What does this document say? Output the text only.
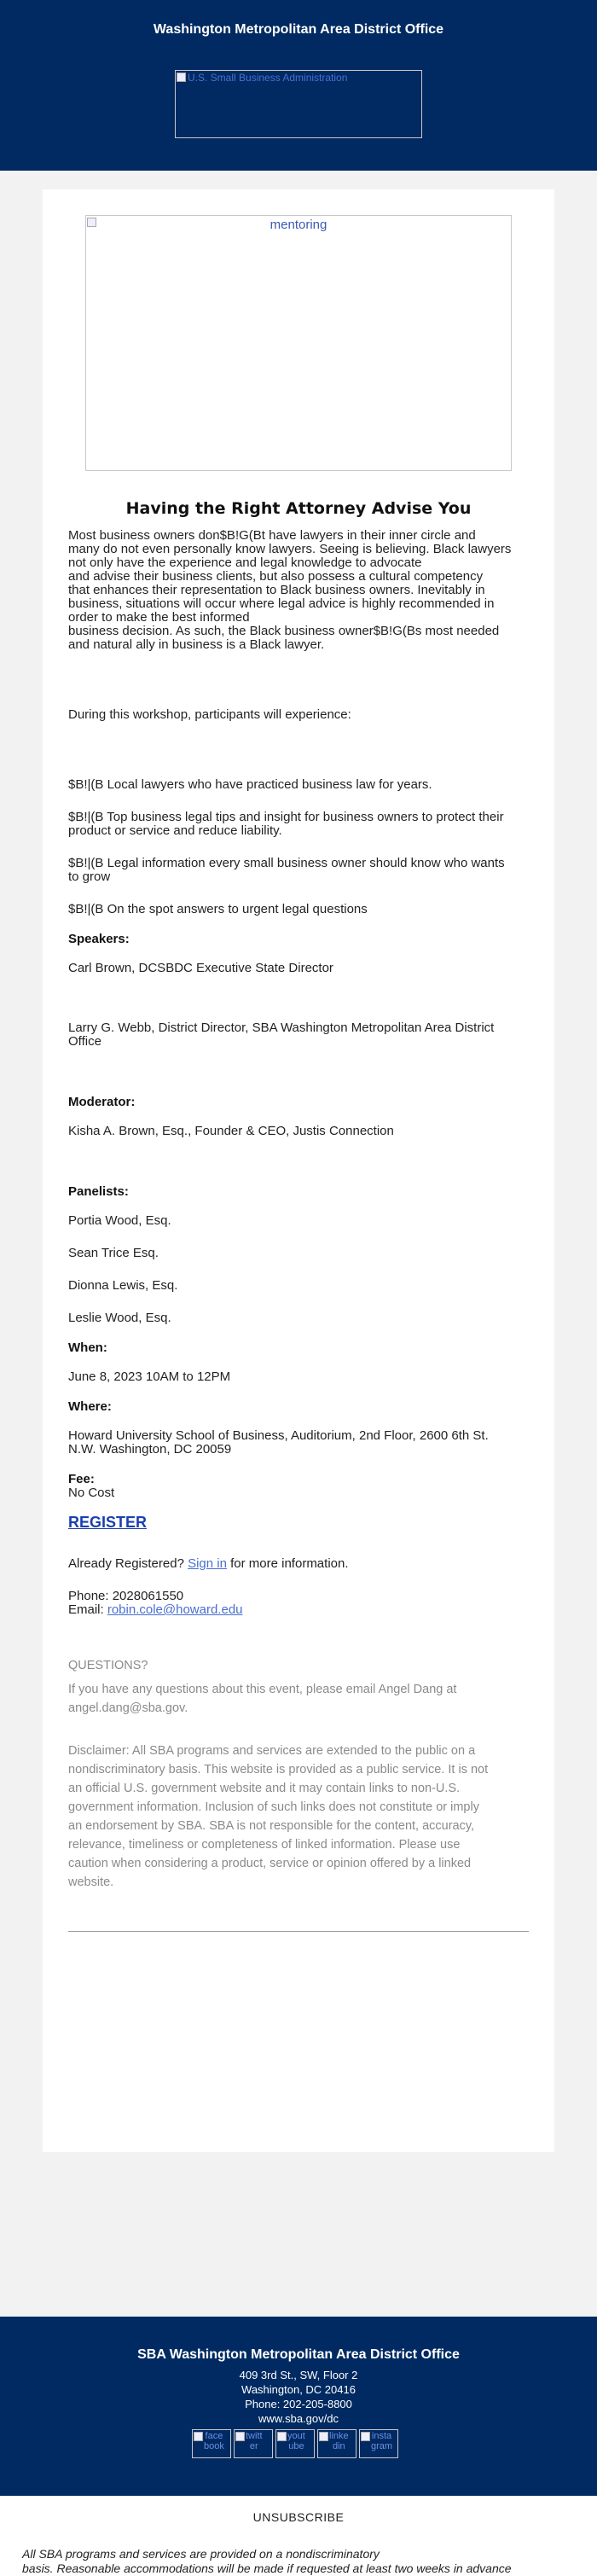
Washington Metropolitan Area District Office
U.S. Small Business Administration
mentoring
Having the Right Attorney Advise You
Most business owners don$B!G(Bt have lawyers in their inner circle and
many do not even personally know lawyers. Seeing is believing. Black lawyers
not only have the experience and legal knowledge to advocate
and advise their business clients, but also possess a cultural competency
that enhances their representation to Black business owners. Inevitably in
business, situations will occur where legal advice is highly recommended in
order to make the best informed
business decision. As such, the Black business owner$B!G(Bs most needed
and natural ally in business is a Black lawyer.
During this workshop, participants will experience:
$B!|(B Local lawyers who have practiced business law for years.
$B!|(B Top business legal tips and insight for business owners to protect their
product or service and reduce liability.
$B!|(B Legal information every small business owner should know who wants
to grow
$B!|(B On the spot answers to urgent legal questions
Speakers:
Carl Brown, DCSBDC Executive State Director
Larry G. Webb, District Director, SBA Washington Metropolitan Area District
Office
Moderator:
Kisha A. Brown, Esq., Founder & CEO, Justis Connection
Panelists:
Portia Wood, Esq.
Sean Trice Esq.
Dionna Lewis, Esq.
Leslie Wood, Esq.
When:
June 8, 2023 10AM to 12PM
Where:
Howard University School of Business, Auditorium, 2nd Floor, 2600 6th St.
N.W. Washington, DC 20059
Fee:
No Cost
REGISTER
Already Registered? Sign in for more information.
Phone: 2028061550
Email: robin.cole@howard.edu
QUESTIONS?
If you have any questions about this event, please email Angel Dang at
angel.dang@sba.gov.
Disclaimer: All SBA programs and services are extended to the public on a
nondiscriminatory basis. This website is provided as a public service. It is not
an official U.S. government website and it may contain links to non-U.S.
government information. Inclusion of such links does not constitute or imply
an endorsement by SBA. SBA is not responsible for the content, accuracy,
relevance, timeliness or completeness of linked information. Please use
caution when considering a product, service or opinion offered by a linked
website.
SBA Washington Metropolitan Area District Office
409 3rd St., SW, Floor 2
Washington, DC 20416
Phone: 202-205-8800
www.sba.gov/dc
face
book
twitt
er
yout
ube
linke
din
insta
gram
UNSUBSCRIBE
All SBA programs and services are provided on a nondiscriminatory
basis. Reasonable accommodations will be made if requested at least two weeks in advance
